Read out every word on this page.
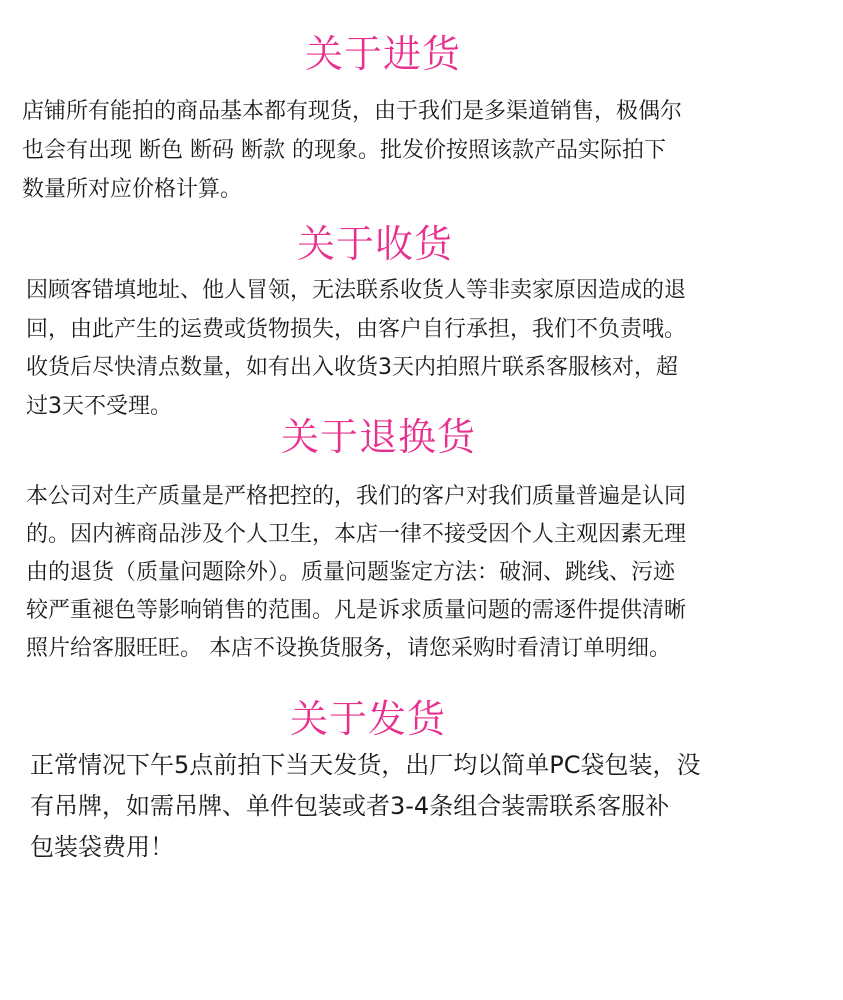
关于进货
店铺所有能拍的商品基本都有现货，由于我们是多渠道销售，极偶尔
也会有出现 断色 断码 断款 的现象。批发价按照该款产品实际拍下
数量所对应价格计算。
关于收货
因顾客错填地址、他人冒领，无法联系收货人等非卖家原因造成的退
回，由此产生的运费或货物损失，由客户自行承担，我们不负责哦。
收货后尽快清点数量，如有出入收货3天内拍照片联系客服核对，超
过3天不受理。
关于退换货
本公司对生产质量是严格把控的，我们的客户对我们质量普遍是认同
的。因内裤商品涉及个人卫生，本店一律不接受因个人主观因素无理
由的退货（质量问题除外）。质量问题鉴定方法：破洞、跳线、污迹
较严重褪色等影响销售的范围。凡是诉求质量问题的需逐件提供清晰
照片给客服旺旺。 本店不设换货服务，请您采购时看清订单明细。
关于发货
正常情况下午5点前拍下当天发货，出厂均以简单PC袋包装，没
有吊牌，如需吊牌、单件包装或者3-4条组合装需联系客服补
包装袋费用！
